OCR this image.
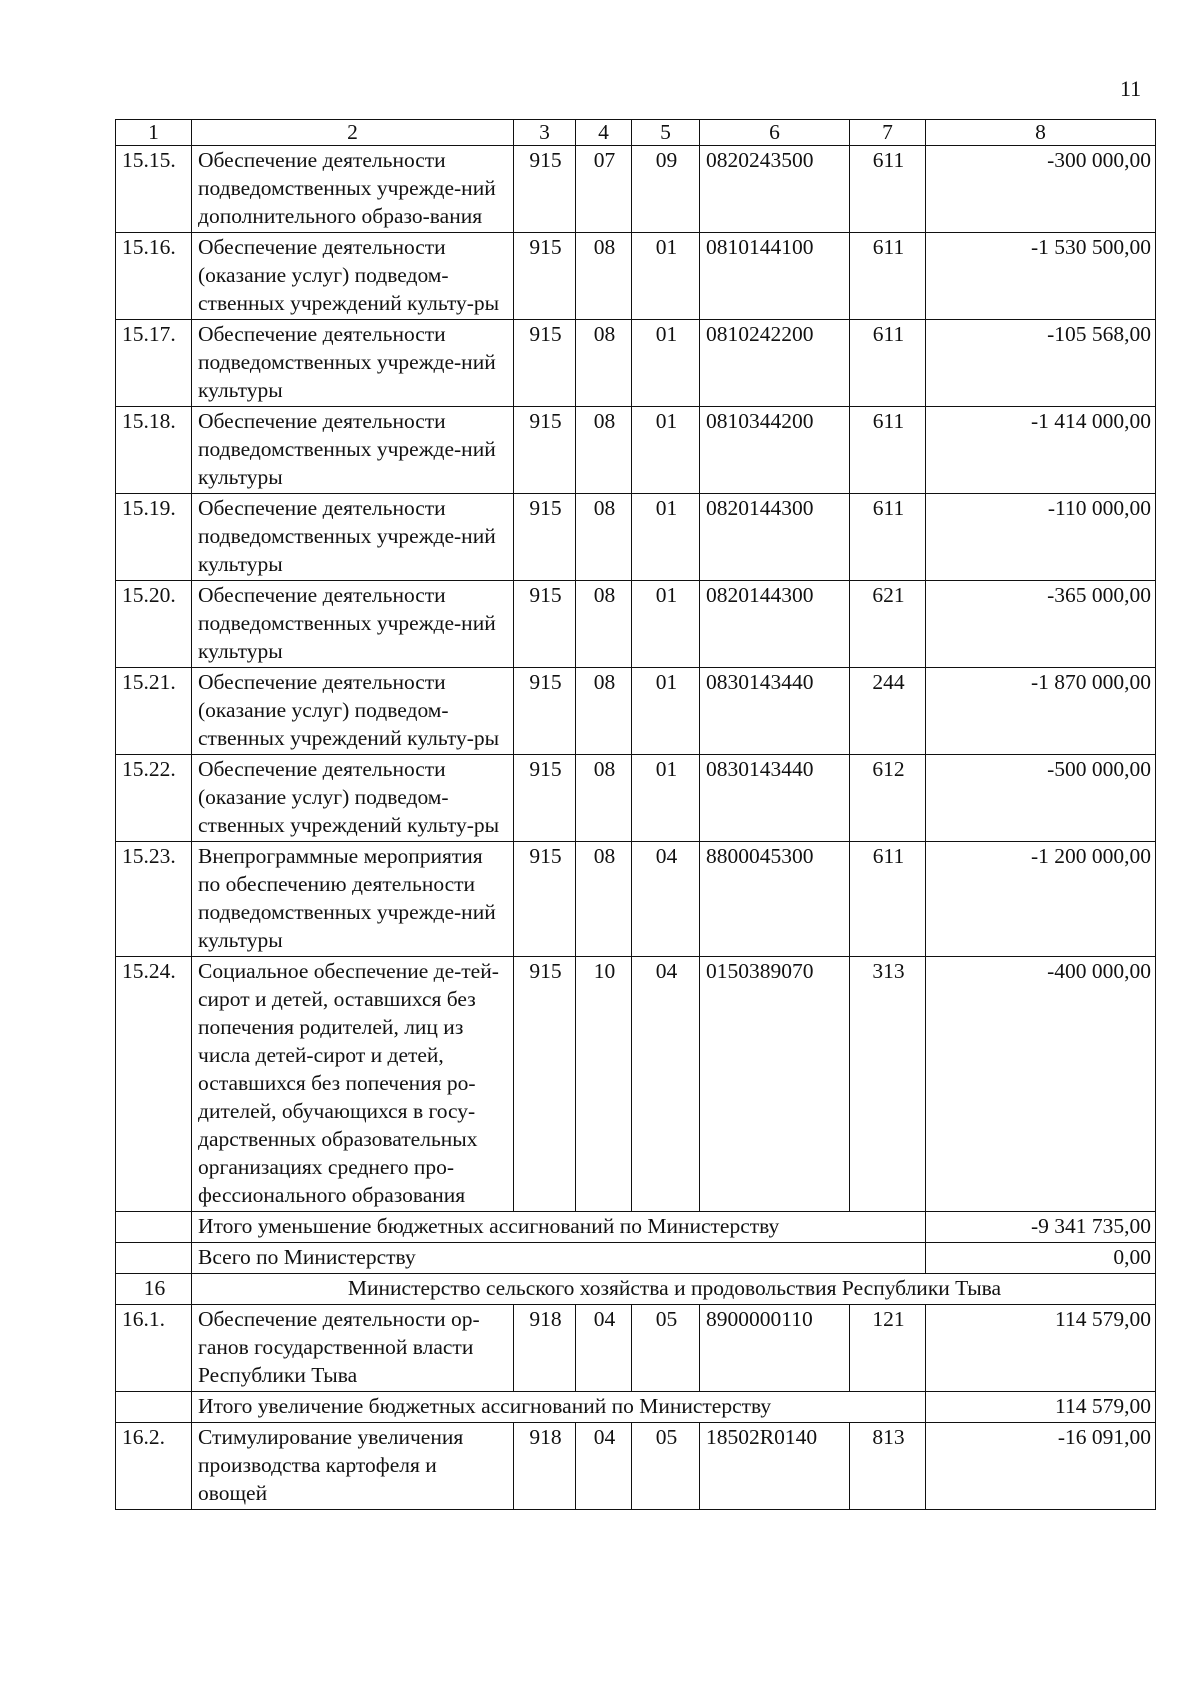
11
1	2	3	4	5	6	7	8
15.15.	Обеспечение деятельности подведомственных учрежде-ний дополнительного образо-вания	915	07	09	0820243500	611	-300 000,00
15.16.	Обеспечение деятельности (оказание услуг) подведом-ственных учреждений культу-ры	915	08	01	0810144100	611	-1 530 500,00
15.17.	Обеспечение деятельности подведомственных учрежде-ний культуры	915	08	01	0810242200	611	-105 568,00
15.18.	Обеспечение деятельности подведомственных учрежде-ний культуры	915	08	01	0810344200	611	-1 414 000,00
15.19.	Обеспечение деятельности подведомственных учрежде-ний культуры	915	08	01	0820144300	611	-110 000,00
15.20.	Обеспечение деятельности подведомственных учрежде-ний культуры	915	08	01	0820144300	621	-365 000,00
15.21.	Обеспечение деятельности (оказание услуг) подведом-ственных учреждений культу-ры	915	08	01	0830143440	244	-1 870 000,00
15.22.	Обеспечение деятельности (оказание услуг) подведом-ственных учреждений культу-ры	915	08	01	0830143440	612	-500 000,00
15.23.	Внепрограммные мероприятия по обеспечению деятельности подведомственных учрежде-ний культуры	915	08	04	8800045300	611	-1 200 000,00
15.24.	Социальное обеспечение де-тей-сирот и детей, оставшихся без попечения родителей, лиц из числа детей-сирот и детей, оставшихся без попечения ро-дителей, обучающихся в госу-дарственных образовательных организациях среднего про-фессионального образования	915	10	04	0150389070	313	-400 000,00
	Итого уменьшение бюджетных ассигнований по Министерству						-9 341 735,00
	Всего по Министерству						0,00
16	Министерство сельского хозяйства и продовольствия Республики Тыва						
16.1.	Обеспечение деятельности ор-ганов государственной власти Республики Тыва	918	04	05	8900000110	121	114 579,00
	Итого увеличение бюджетных ассигнований по Министерству						114 579,00
16.2.	Стимулирование увеличения производства картофеля и овощей	918	04	05	18502R0140	813	-16 091,00
